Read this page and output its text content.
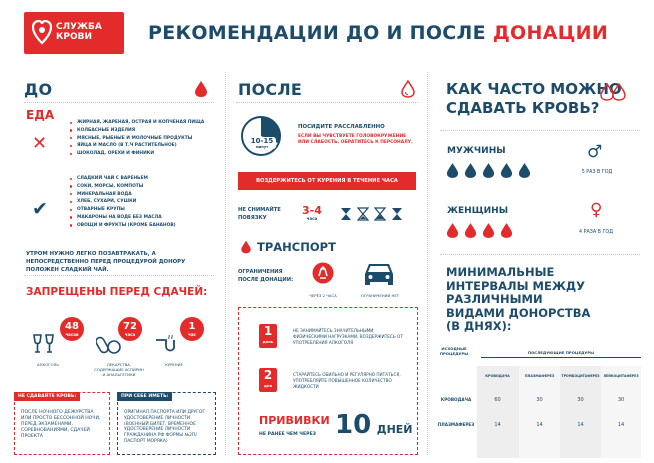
СЛУЖБА
КРОВИ	РЕКОМЕНДАЦИИ ДО И ПОСЛЕ ДОНАЦИИ
ДО
ЕДА
✕
ЖИРНАЯ, ЖАРЕНАЯ, ОСТРАЯ И КОПЧЕНАЯ ПИЩА
КОЛБАСНЫЕ ИЗДЕЛИЯ
МЯСНЫЕ, РЫБНЫЕ И МОЛОЧНЫЕ ПРОДУКТЫ
ЯЙЦА И МАСЛО (В Т.Ч РАСТИТЕЛЬНОЕ)
ШОКОЛАД, ОРЕХИ И ФИНИКИ
✔
СЛАДКИЙ ЧАЙ С ВАРЕНЬЕМ
СОКИ, МОРСЫ, КОМПОТЫ
МИНЕРАЛЬНАЯ ВОДА
ХЛЕБ, СУХАРИ, СУШКИ
ОТВАРНЫЕ КРУПЫ
МАКАРОНЫ НА ВОДЕ БЕЗ МАСЛА
ОВОЩИ И ФРУКТЫ (КРОМЕ БАНАНОВ)
УТРОМ НУЖНО ЛЕГКО ПОЗАВТРАКАТЬ, А НЕПОСРЕДСТВЕННО ПЕРЕД ПРОЦЕДУРОЙ ДОНОРУ ПОЛОЖЕН СЛАДКИЙ ЧАЙ.
ЗАПРЕЩЕНЫ ПЕРЕД СДАЧЕЙ:
48
часов
72
часа
1
час
АЛКОГОЛЬ	ЛЕКАРСТВА, СОДЕРЖАЩИЕ АСПИРИН И АНАЛЬГЕТИКИ
КУРЕНИЕ
НЕ СДАВАЙТЕ КРОВЬ:
ПОСЛЕ НОЧНОГО ДЕЖУРСТВА ИЛИ ПРОСТО БЕССОННОЙ НОЧИ, ПЕРЕД ЭКЗАМЕНАМИ, СОРЕВНОВАНИЯМИ, СДАЧЕЙ ПРОЕКТА
ПРИ СЕБЕ ИМЕТЬ:
ОРИГИНАЛ ПАСПОРТА ИЛИ ДРУГОГ УДОСТОВЕРЕНИЕ ЛИЧНОСТИ (ВОЕННЫЙ БИЛЕТ, ВРЕМЕННОЕ УДОСТОВЕРЕНИЕ ЛИЧНОСТИ ГРАЖДАНИНА РФ ФОРМЫ №2П/ПАСПОРТ МОРЯКА)
ПОСЛЕ
10-15
минут
ПОСИДИТЕ РАССЛАБЛЕННО
ЕСЛИ ВЫ ЧУВСТВУЕТЕ ГОЛОВОКРУЖЕНИЕ ИЛИ СЛАБОСТЬ, ОБРАТИТЕСЬ К ПЕРСОНАЛУ.
ВОЗДЕРЖИТЕСЬ ОТ КУРЕНИЯ В ТЕЧЕНИЕ ЧАСА
НЕ СНИМАЙТЕ ПОВЯЗКУ
3-4
часа
ТРАНСПОРТ
ОГРАНИЧЕНИЯ ПОСЛЕ ДОНАЦИИ:
ЧЕРЕЗ 2 ЧАСА	ОГРАНИЧЕНИЙ НЕТ
1
день
НЕ ЗАНИМАЙТЕСЬ ЗНАЧИТЕЛЬНЫМИ ФИЗИЧЕСКИМИ НАГРУЗКАМИ, ВОЗДЕРЖИТЕСЬ ОТ УПОТРЕБЛЕНИЯ АЛКОГОЛЯ
2
дня
СТАРАЙТЕСЬ ОБИЛЬНО И РЕГУЛЯРНО ПИТАТЬСЯ, УПОТРЕБЛЯЙТЕ ПОВЫШЕННОЕ КОЛИЧЕСТВО ЖИДКОСТИ
ПРИВИВКИ
НЕ РАНЕЕ ЧЕМ ЧЕРЕЗ 10 ДНЕЙ
КАК ЧАСТО МОЖНО
СДАВАТЬ КРОВЬ?
МУЖЧИНЫ	♂
5 РАЗ В ГОД
ЖЕНЩИНЫ	♀
4 РАЗА В ГОД
МИНИМАЛЬНЫЕ ИНТЕРВАЛЫ МЕЖДУ РАЗЛИЧНЫМИ ВИДАМИ ДОНОРСТВА (В ДНЯХ):
ИСХОДНЫЕ ПРОЦЕДУРЫ	ПОСЛЕДУЮЩИЕ ПРОЦЕДУРЫ
КРОВОДАЧА	ПЛАЗМАФЕРЕЗ	ТРОМБОЦИТАФЕРЕЗ	ЛЕЙКОЦИТАФЕРЕЗ
КРОВОДАЧА	60	30	30	30
ПЛАЗМАФЕРЕЗ	14	14	14	14
